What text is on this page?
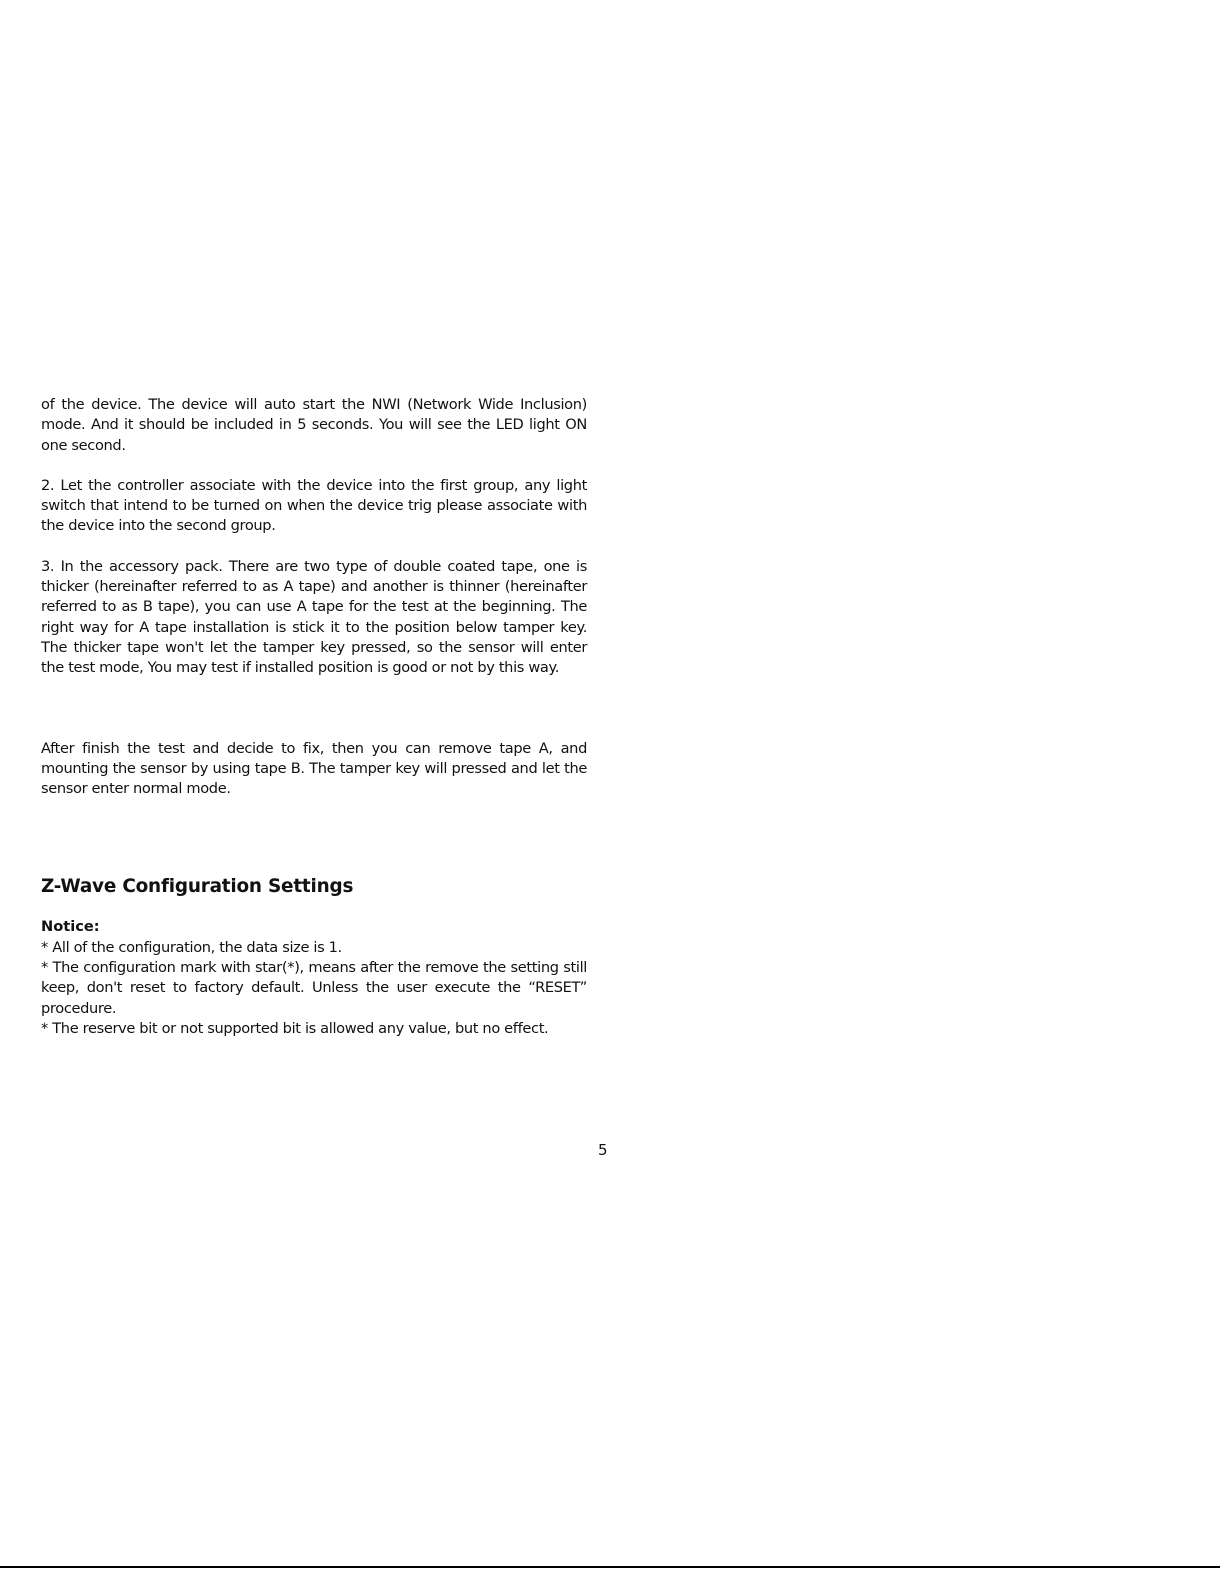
of the device. The device will auto start the NWI (Network Wide Inclusion) mode. And it should be included in 5 seconds. You will see the LED light ON one second.

2. Let the controller associate with the device into the first group, any light switch that intend to be turned on when the device trig please associate with the device into the second group.

3. In the accessory pack. There are two type of double coated tape, one is thicker (hereinafter referred to as A tape) and another is thinner (hereinafter referred to as B tape), you can use A tape for the test at the beginning. The right way for A tape installation is stick it to the position below tamper key. The thicker tape won't let the tamper key pressed, so the sensor will enter the test mode, You may test if installed position is good or not by this way.

After finish the test and decide to fix, then you can remove tape A, and mounting the sensor by using tape B. The tamper key will pressed and let the sensor enter normal mode.

Z-Wave Configuration Settings

Notice:

* All of the configuration, the data size is 1.

* The configuration mark with star(*), means after the remove the setting still keep, don't reset to factory default. Unless the user execute the “RESET” procedure.

* The reserve bit or not supported bit is allowed any value, but no effect.

5
